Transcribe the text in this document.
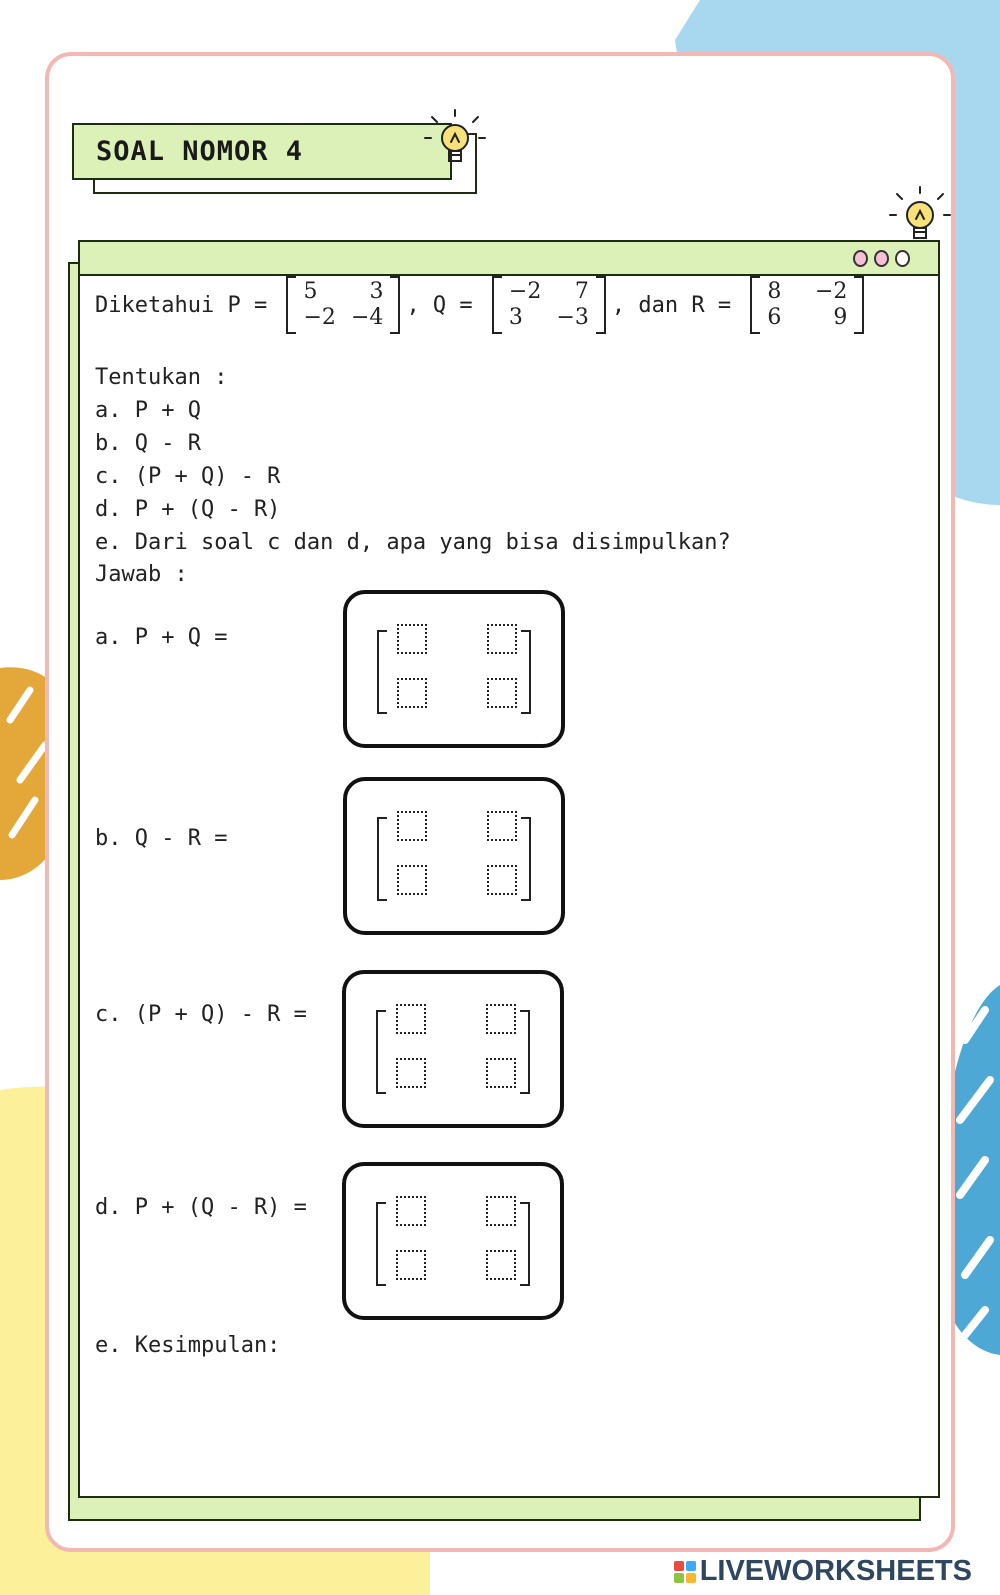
SOAL NOMOR 4
Diketahui P =
5	3
−2 −4 , Q =
−2	7
3	−3 , dan R =
8	−2
6	9
Tentukan :
a. P + Q
b. Q - R
c. (P + Q) - R
d. P + (Q - R)
e. Dari soal c dan d, apa yang bisa disimpulkan?
Jawab :
a. P + Q =
b. Q - R =
c. (P + Q) - R =
d. P + (Q - R) =
e. Kesimpulan:
LIVEWORKSHEETS
